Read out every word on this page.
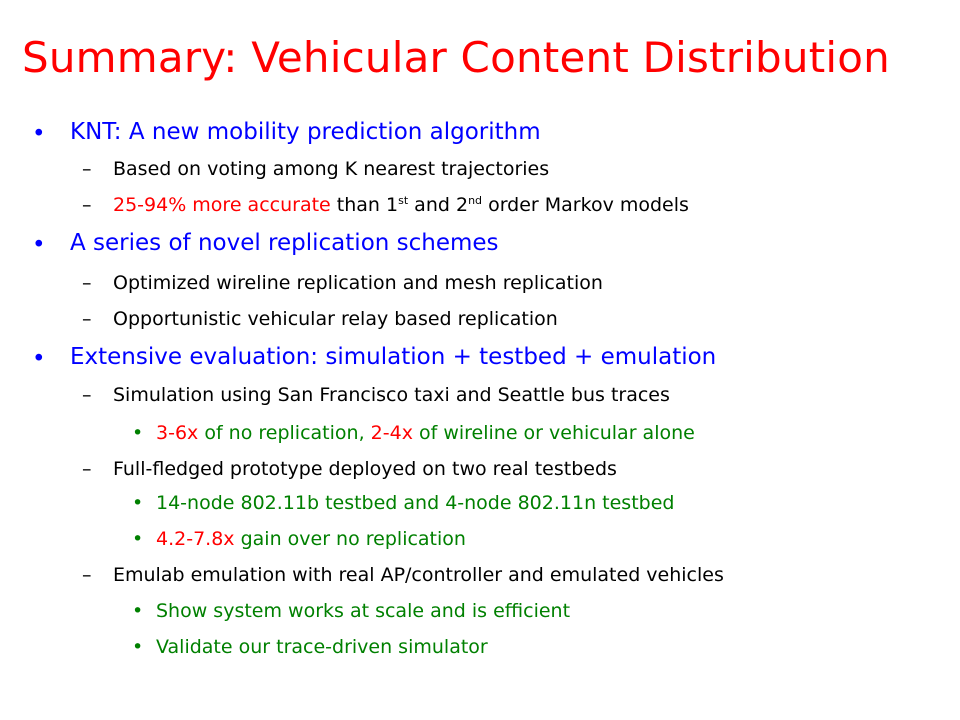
Summary: Vehicular Content Distribution
• KNT: A new mobility prediction algorithm
– Based on voting among K nearest trajectories
– 25-94% more accurate than 1st and 2nd order Markov models
• A series of novel replication schemes
– Optimized wireline replication and mesh replication
– Opportunistic vehicular relay based replication
• Extensive evaluation: simulation + testbed + emulation
– Simulation using San Francisco taxi and Seattle bus traces
• 3-6x of no replication, 2-4x of wireline or vehicular alone
– Full-fledged prototype deployed on two real testbeds
• 14-node 802.11b testbed and 4-node 802.11n testbed
• 4.2-7.8x gain over no replication
– Emulab emulation with real AP/controller and emulated vehicles
• Show system works at scale and is efficient
• Validate our trace-driven simulator
